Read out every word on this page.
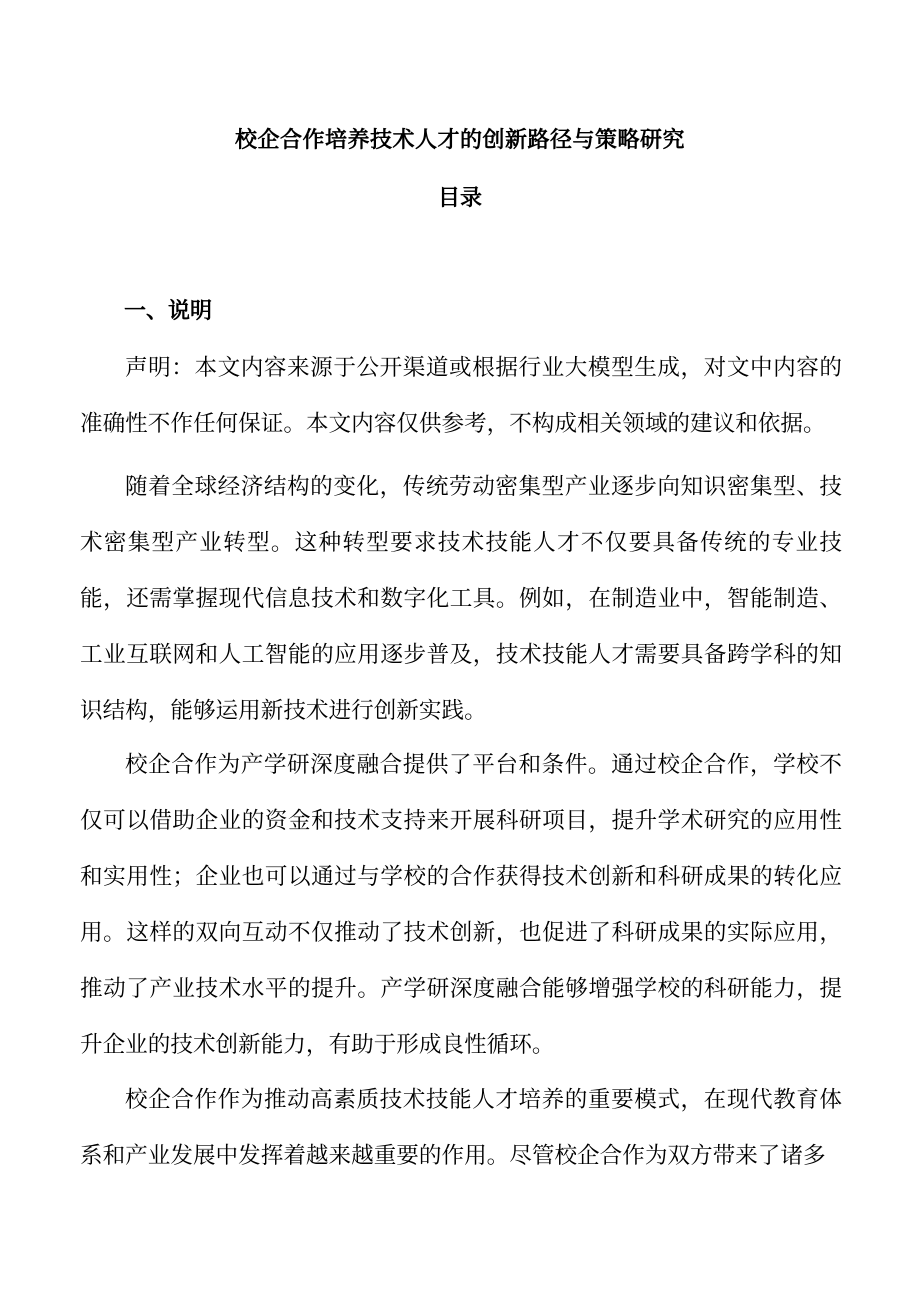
校企合作培养技术人才的创新路径与策略研究
目录
一、说明

声明：本文内容来源于公开渠道或根据行业大模型生成，对文中内容的准确性不作任何保证。本文内容仅供参考，不构成相关领域的建议和依据。

随着全球经济结构的变化，传统劳动密集型产业逐步向知识密集型、技术密集型产业转型。这种转型要求技术技能人才不仅要具备传统的专业技能，还需掌握现代信息技术和数字化工具。例如，在制造业中，智能制造、工业互联网和人工智能的应用逐步普及，技术技能人才需要具备跨学科的知识结构，能够运用新技术进行创新实践。

校企合作为产学研深度融合提供了平台和条件。通过校企合作，学校不仅可以借助企业的资金和技术支持来开展科研项目，提升学术研究的应用性和实用性；企业也可以通过与学校的合作获得技术创新和科研成果的转化应用。这样的双向互动不仅推动了技术创新，也促进了科研成果的实际应用，推动了产业技术水平的提升。产学研深度融合能够增强学校的科研能力，提升企业的技术创新能力，有助于形成良性循环。

校企合作作为推动高素质技术技能人才培养的重要模式，在现代教育体系和产业发展中发挥着越来越重要的作用。尽管校企合作为双方带来了诸多
